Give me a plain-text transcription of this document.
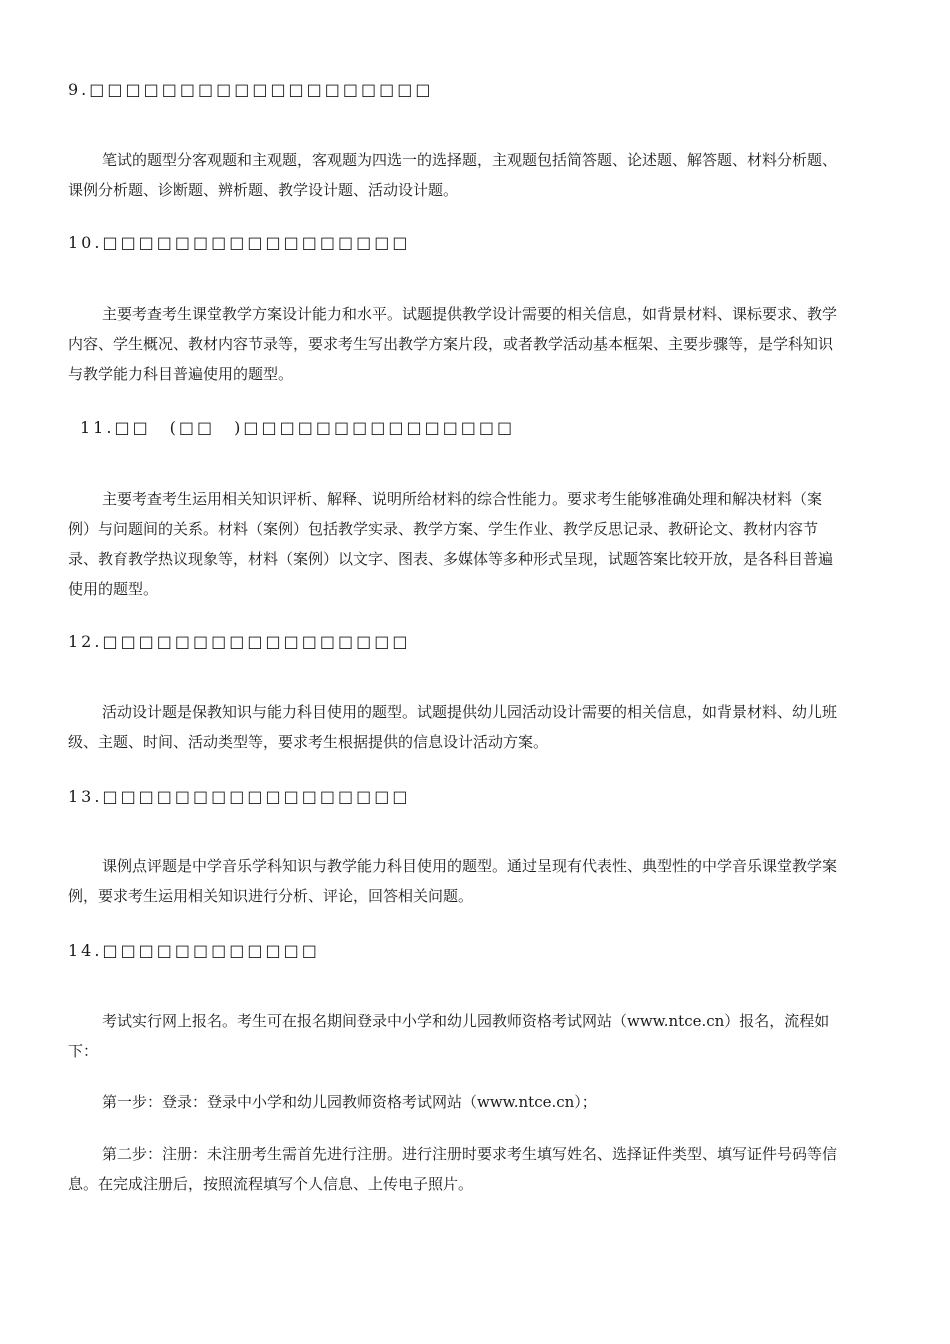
9.□□□□□□□□□□□□□□□□□□□

笔试的题型分客观题和主观题，客观题为四选一的选择题，主观题包括简答题、论述题、解答题、材料分析题、课例分析题、诊断题、辨析题、教学设计题、活动设计题。

10.□□□□□□□□□□□□□□□□□

主要考查考生课堂教学方案设计能力和水平。试题提供教学设计需要的相关信息，如背景材料、课标要求、教学内容、学生概况、教材内容节录等，要求考生写出教学方案片段，或者教学活动基本框架、主要步骤等，是学科知识与教学能力科目普遍使用的题型。

11.□□　(□□　)□□□□□□□□□□□□□□□

主要考查考生运用相关知识评析、解释、说明所给材料的综合性能力。要求考生能够准确处理和解决材料（案例）与问题间的关系。材料（案例）包括教学实录、教学方案、学生作业、教学反思记录、教研论文、教材内容节录、教育教学热议现象等，材料（案例）以文字、图表、多媒体等多种形式呈现，试题答案比较开放，是各科目普遍使用的题型。

12.□□□□□□□□□□□□□□□□□

活动设计题是保教知识与能力科目使用的题型。试题提供幼儿园活动设计需要的相关信息，如背景材料、幼儿班级、主题、时间、活动类型等，要求考生根据提供的信息设计活动方案。

13.□□□□□□□□□□□□□□□□□

课例点评题是中学音乐学科知识与教学能力科目使用的题型。通过呈现有代表性、典型性的中学音乐课堂教学案例，要求考生运用相关知识进行分析、评论，回答相关问题。

14.□□□□□□□□□□□□

考试实行网上报名。考生可在报名期间登录中小学和幼儿园教师资格考试网站（www.ntce.cn）报名，流程如下：

第一步：登录：登录中小学和幼儿园教师资格考试网站（www.ntce.cn）；

第二步：注册：未注册考生需首先进行注册。进行注册时要求考生填写姓名、选择证件类型、填写证件号码等信息。在完成注册后，按照流程填写个人信息、上传电子照片。
